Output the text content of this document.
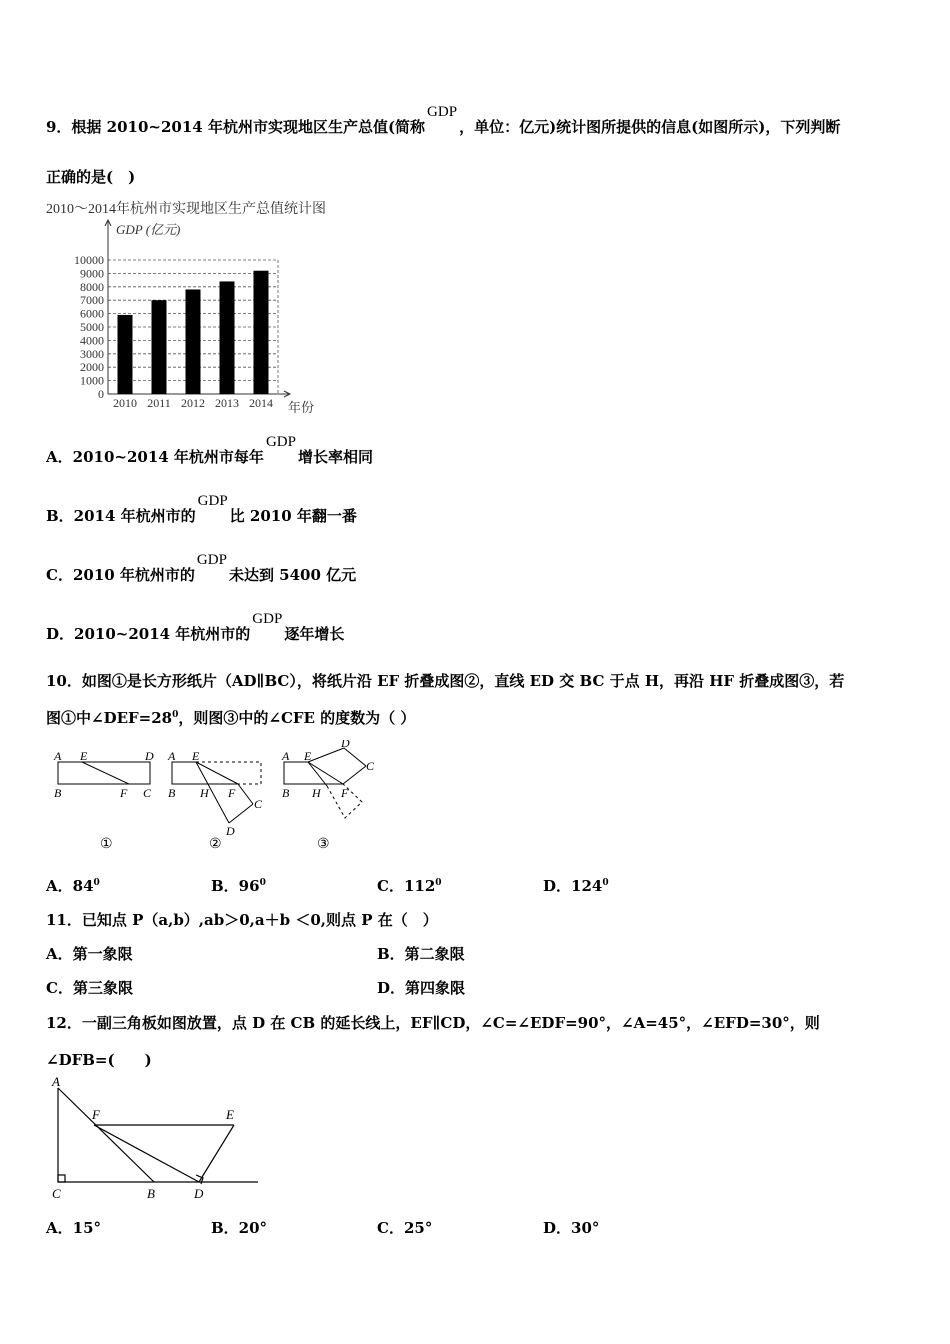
9．根据 2010~2014 年杭州市实现地区生产总值(简称GDP，单位：亿元)统计图所提供的信息(如图所示)，下列判断
正确的是(　)
2010～2014年杭州市实现地区生产总值统计图
GDP (亿元)
年份
0
1000
2000
3000
4000
5000
6000
7000
8000
9000
10000
2010 2011 2012 2013 2014
A．2010~2014 年杭州市每年GDP增长率相同
B．2014 年杭州市的GDP比 2010 年翻一番
C．2010 年杭州市的GDP未达到 5400 亿元
D．2010~2014 年杭州市的GDP逐年增长
10．如图①是长方形纸片（AD∥BC），将纸片沿 EF 折叠成图②，直线 ED 交 BC 于点 H，再沿 HF 折叠成图③，若
图①中$\angle DEF=28^0$，则图③中的∠CFE 的度数为（ ）
A E	D
B	F C
A E
B H F
C
D
A E
D
C
B H F
①	②	③
A．$84^0$	B．$96^0$	C．$112^0$	D．$124^0$
11．已知点 P（a,b）,ab＞0,a＋b ＜0,则点 P 在（　）
A．第一象限	B．第二象限
C．第三象限	D．第四象限
12．一副三角板如图放置，点 D 在 CB 的延长线上，EF∥CD，∠C=∠EDF=90°，∠A=45°，∠EFD=30°，则
∠DFB=(　　)
A
F	E
C	B	D
A．15°	B．20°	C．25°	D．30°
